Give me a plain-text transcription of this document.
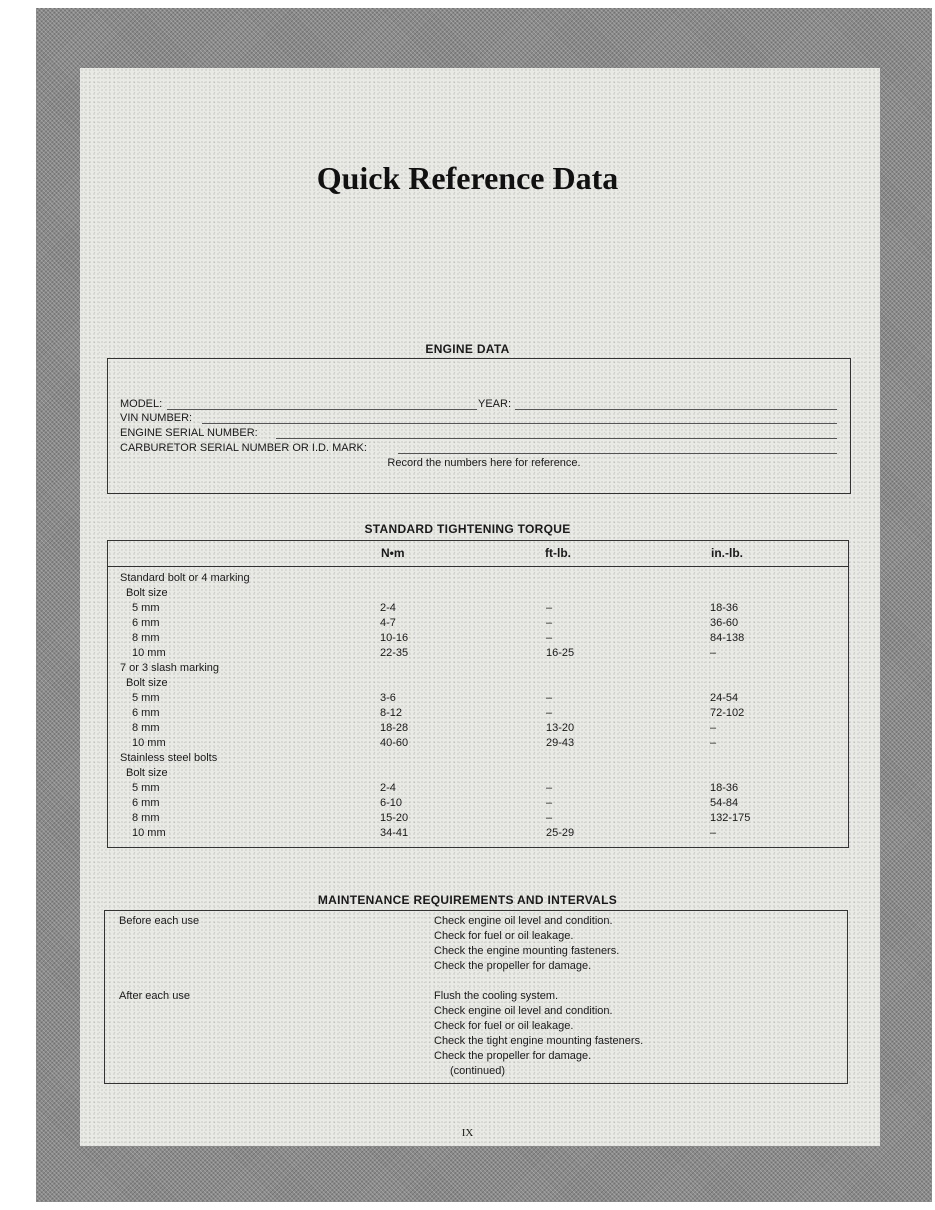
Quick Reference Data
ENGINE DATA
MODEL:	YEAR:
VIN NUMBER:
ENGINE SERIAL NUMBER:
CARBURETOR SERIAL NUMBER OR I.D. MARK:
Record the numbers here for reference.
STANDARD TIGHTENING TORQUE
N•m	ft-lb.	in.-lb.
Standard bolt or 4 marking
Bolt size
5 mm	2-4	–	18-36
6 mm	4-7	–	36-60
8 mm	10-16	–	84-138
10 mm	22-35	16-25	–
7 or 3 slash marking
Bolt size
5 mm	3-6	–	24-54
6 mm	8-12	–	72-102
8 mm	18-28	13-20	–
10 mm	40-60	29-43	–
Stainless steel bolts
Bolt size
5 mm	2-4	–	18-36
6 mm	6-10	–	54-84
8 mm	15-20	–	132-175
10 mm	34-41	25-29	–
MAINTENANCE REQUIREMENTS AND INTERVALS
Before each use	Check engine oil level and condition.
Check for fuel or oil leakage.
Check the engine mounting fasteners.
Check the propeller for damage.
After each use	Flush the cooling system.
Check engine oil level and condition.
Check for fuel or oil leakage.
Check the tight engine mounting fasteners.
Check the propeller for damage.
(continued)
IX
